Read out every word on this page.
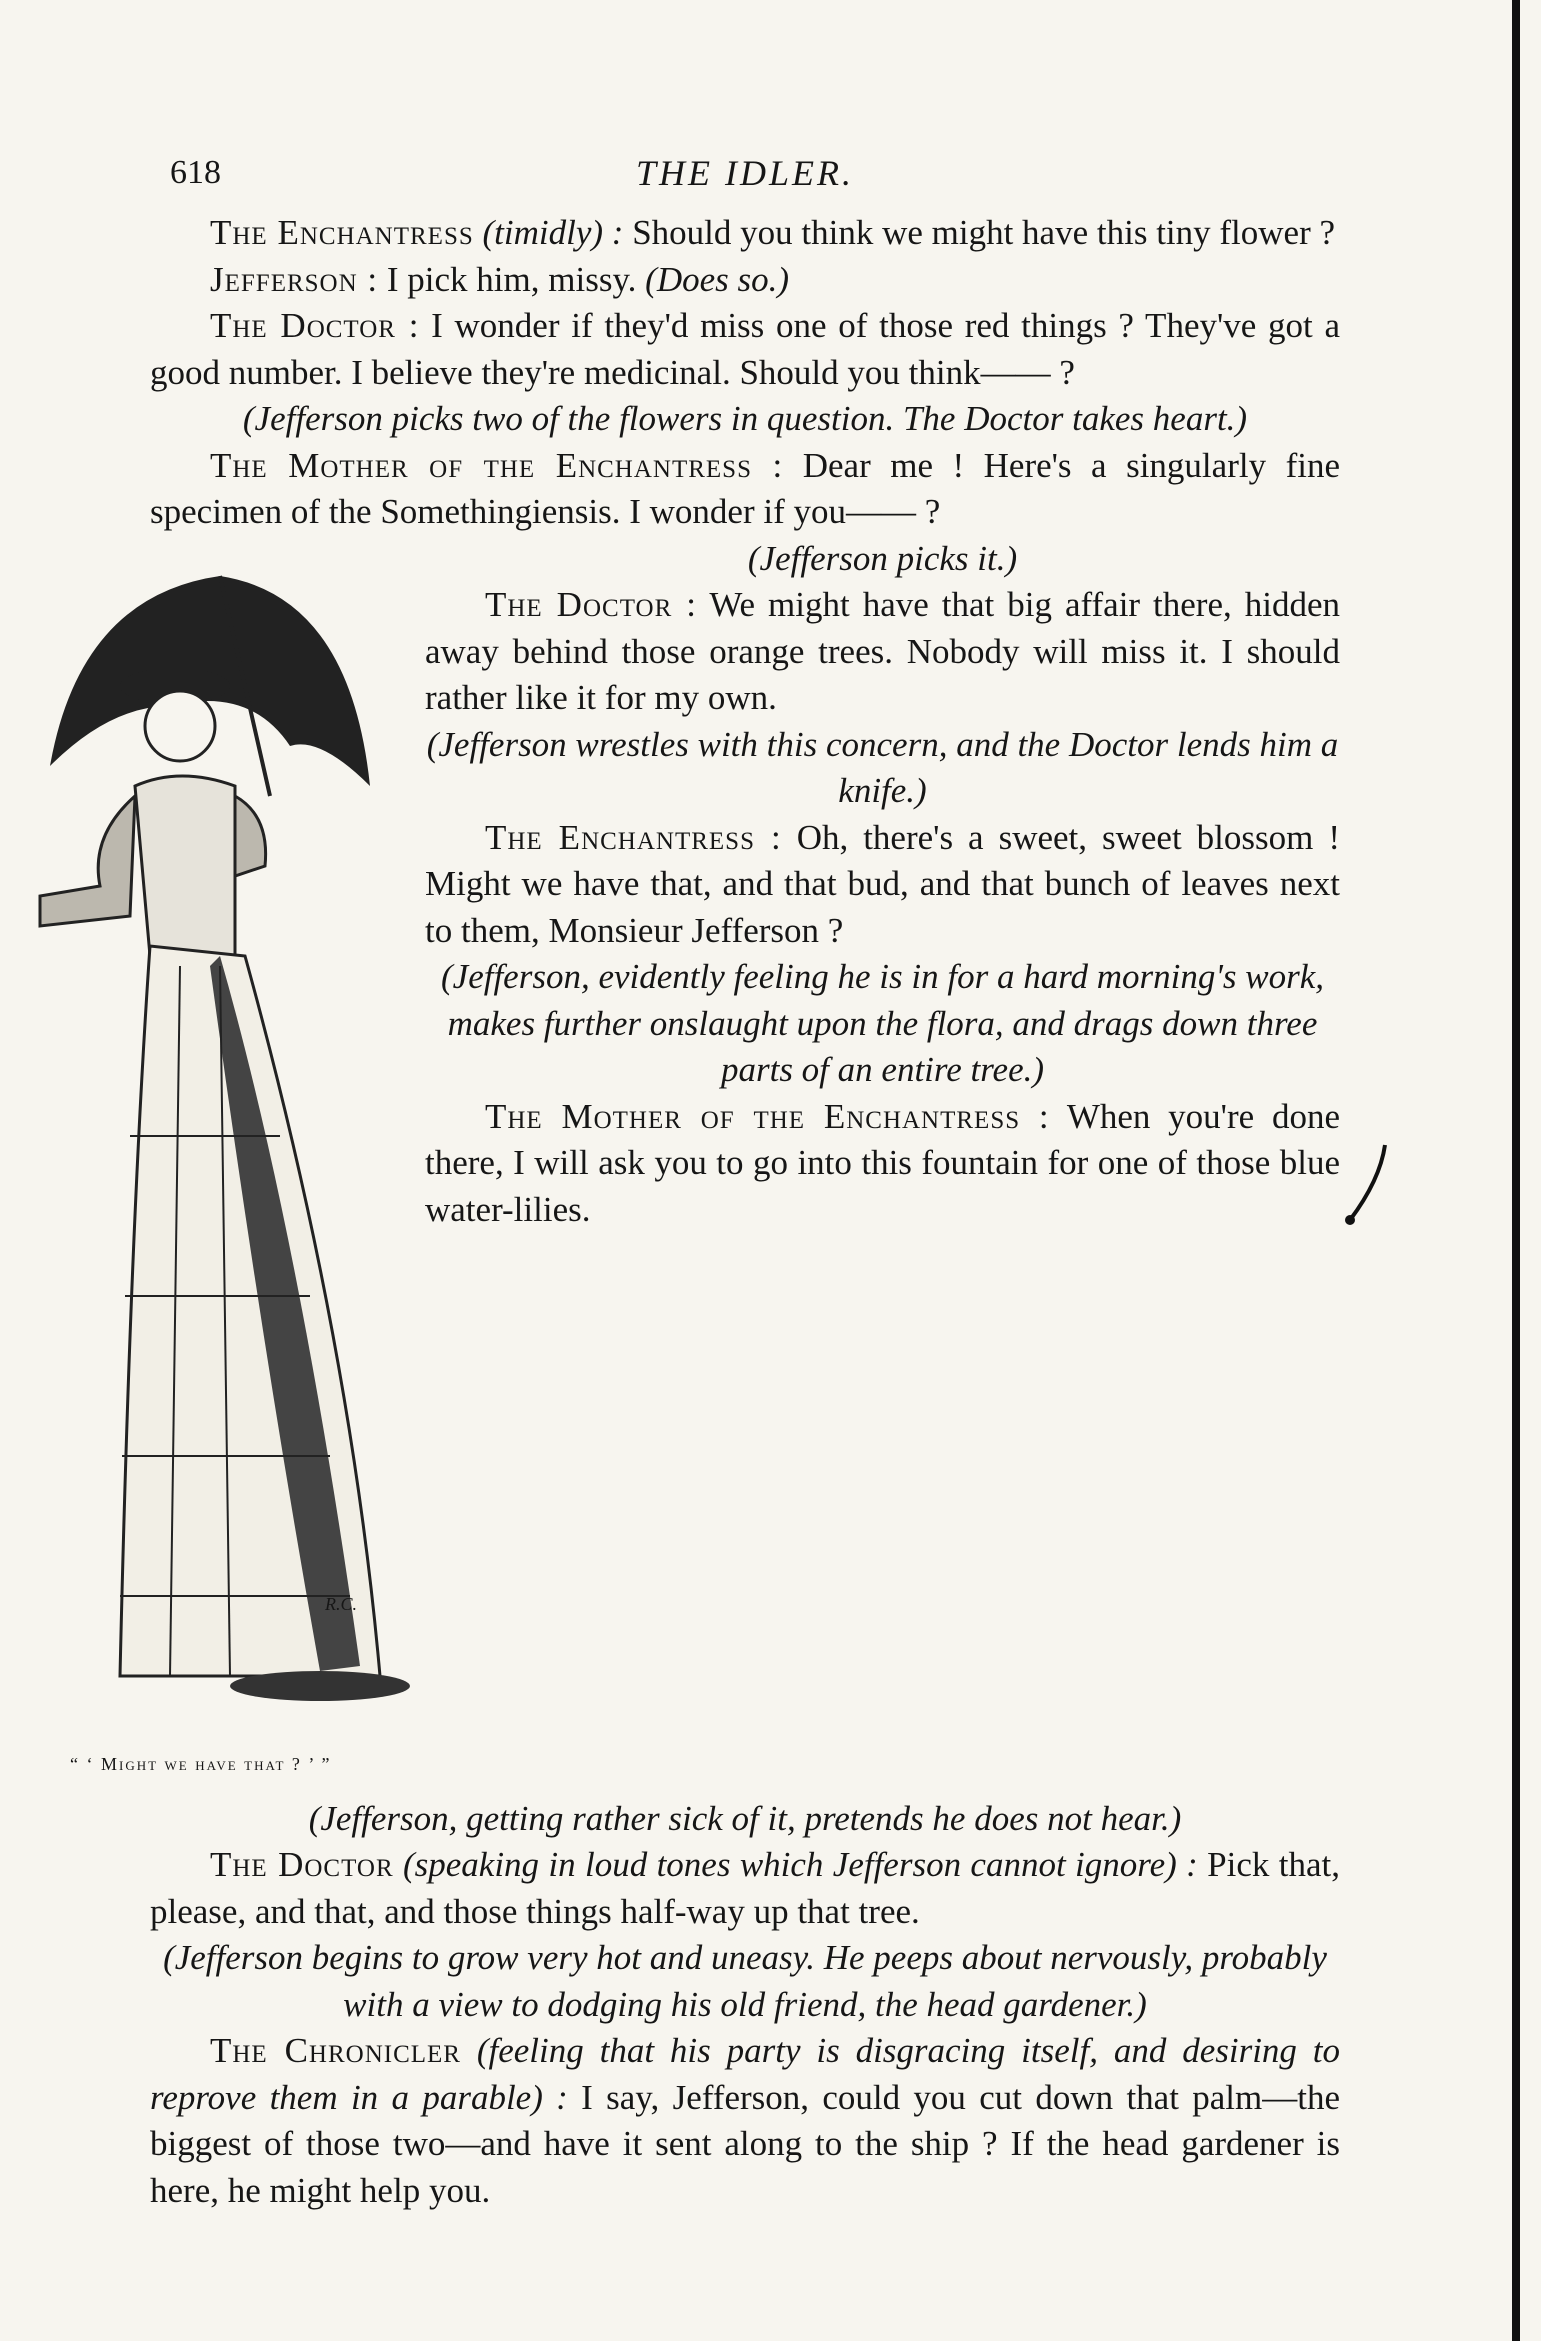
618	THE IDLER.

The Enchantress (timidly) : Should you think we might have this tiny flower ?

Jefferson : I pick him, missy. (Does so.)

The Doctor : I wonder if they'd miss one of those red things ? They've got a good number. I believe they're medicinal. Should you think—— ?

(Jefferson picks two of the flowers in question. The Doctor takes heart.)

The Mother of the Enchantress : Dear me ! Here's a singularly fine specimen of the Somethingiensis. I wonder if you—— ?

R.C.
“ ‘ Might we have that ? ’ ”

(Jefferson picks it.)

The Doctor : We might have that big affair there, hidden away behind those orange trees. Nobody will miss it. I should rather like it for my own.

(Jefferson wrestles with this concern, and the Doctor lends him a knife.)

The Enchantress : Oh, there's a sweet, sweet blossom ! Might we have that, and that bud, and that bunch of leaves next to them, Monsieur Jefferson ?

(Jefferson, evidently feeling he is in for a hard morning's work, makes further onslaught upon the flora, and drags down three parts of an entire tree.)

The Mother of the Enchantress : When you're done there, I will ask you to go into this fountain for one of those blue water-lilies.

(Jefferson, getting rather sick of it, pretends he does not hear.)

The Doctor (speaking in loud tones which Jefferson cannot ignore) : Pick that, please, and that, and those things half-way up that tree.

(Jefferson begins to grow very hot and uneasy. He peeps about nervously, probably with a view to dodging his old friend, the head gardener.)

The Chronicler (feeling that his party is disgracing itself, and desiring to reprove them in a parable) : I say, Jefferson, could you cut down that palm—the biggest of those two—and have it sent along to the ship ? If the head gardener is here, he might help you.
